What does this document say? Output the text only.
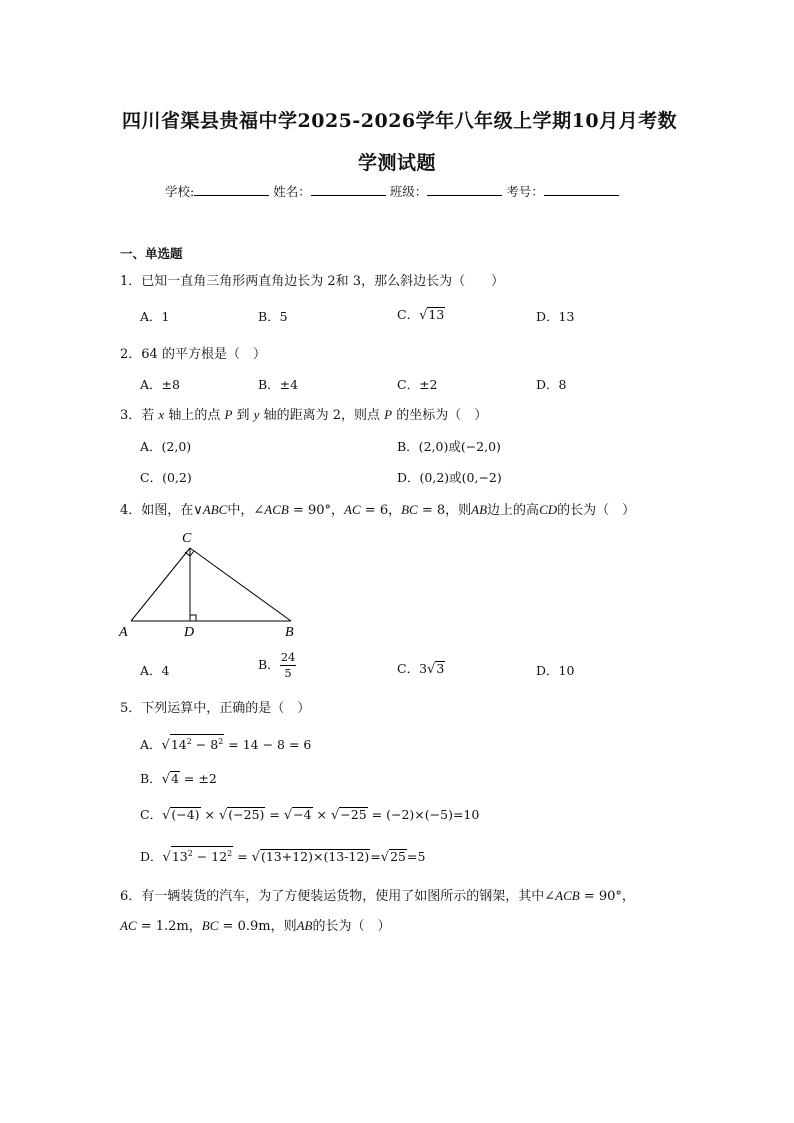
四川省渠县贵福中学2025-2026学年八年级上学期10月月考数
学测试题
学校:	姓名：	班级：	考号：
一、单选题
1．已知一直角三角形两直角边长为 2和 3，那么斜边长为（　　）
A．1	B．5	C．√13	D．13
2．64 的平方根是（　）
A．±8	B．±4	C．±2	D．8
3．若 x 轴上的点 P 到 y 轴的距离为 2，则点 P 的坐标为（　）
A．(2,0)	B．(2,0)或(−2,0)
C．(0,2)	D．(0,2)或(0,−2)
4．如图，在∨ABC中，∠ACB = 90°，AC = 6，BC = 8，则AB边上的高CD的长为（　）
C
A	D	B
A．4	B． $\frac{24}{5}$	C．3√3	D．10
5．下列运算中，正确的是（　）
A．$√14^2 - 8^2 = 14 - 8 = 6$
B．√4 = ±2
C．√(−4) × √(−25) = √−4 × √−25 = (−2)×(−5)=10
D．$√13^2 - 12^2 = √(13+12)\times(13-12)=√25=5$
6．有一辆装货的汽车，为了方便装运货物，使用了如图所示的钢架，其中∠ACB = 90°，
AC = 1.2m，BC = 0.9m，则AB的长为（　）
